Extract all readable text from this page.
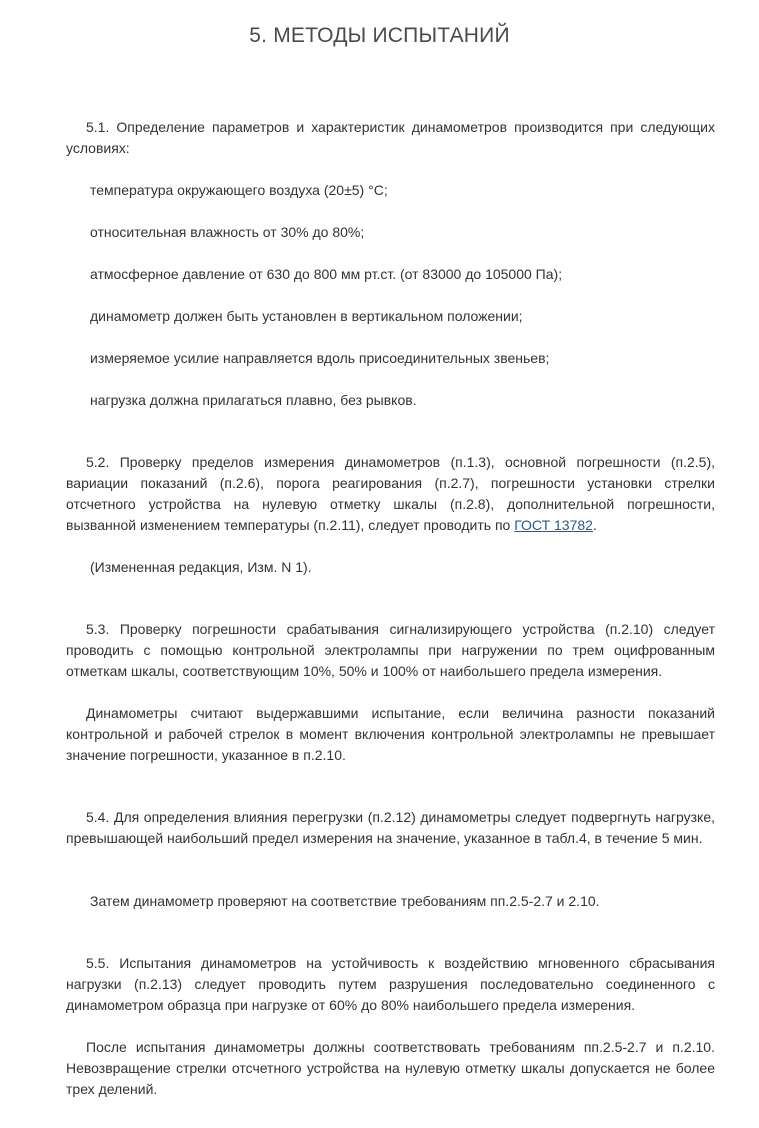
5. МЕТОДЫ ИСПЫТАНИЙ

5.1. Определение параметров и характеристик динамометров производится при следующих условиях:

температура окружающего воздуха (20±5) °С;

относительная влажность от 30% до 80%;

атмосферное давление от 630 до 800 мм рт.ст. (от 83000 до 105000 Па);

динамометр должен быть установлен в вертикальном положении;

измеряемое усилие направляется вдоль присоединительных звеньев;

нагрузка должна прилагаться плавно, без рывков.

5.2. Проверку пределов измерения динамометров (п.1.3), основной погрешности (п.2.5), вариации показаний (п.2.6), порога реагирования (п.2.7), погрешности установки стрелки отсчетного устройства на нулевую отметку шкалы (п.2.8), дополнительной погрешности, вызванной изменением температуры (п.2.11), следует проводить по ГОСТ 13782.

(Измененная редакция, Изм. N 1).

5.3. Проверку погрешности срабатывания сигнализирующего устройства (п.2.10) следует проводить с помощью контрольной электролампы при нагружении по трем оцифрованным отметкам шкалы, соответствующим 10%, 50% и 100% от наибольшего предела измерения.

Динамометры считают выдержавшими испытание, если величина разности показаний контрольной и рабочей стрелок в момент включения контрольной электролампы не превышает значение погрешности, указанное в п.2.10.

5.4. Для определения влияния перегрузки (п.2.12) динамометры следует подвергнуть нагрузке, превышающей наибольший предел измерения на значение, указанное в табл.4, в течение 5 мин.

Затем динамометр проверяют на соответствие требованиям пп.2.5-2.7 и 2.10.

5.5. Испытания динамометров на устойчивость к воздействию мгновенного сбрасывания нагрузки (п.2.13) следует проводить путем разрушения последовательно соединенного с динамометром образца при нагрузке от 60% до 80% наибольшего предела измерения.

После испытания динамометры должны соответствовать требованиям пп.2.5-2.7 и п.2.10. Невозвращение стрелки отсчетного устройства на нулевую отметку шкалы допускается не более трех делений.
